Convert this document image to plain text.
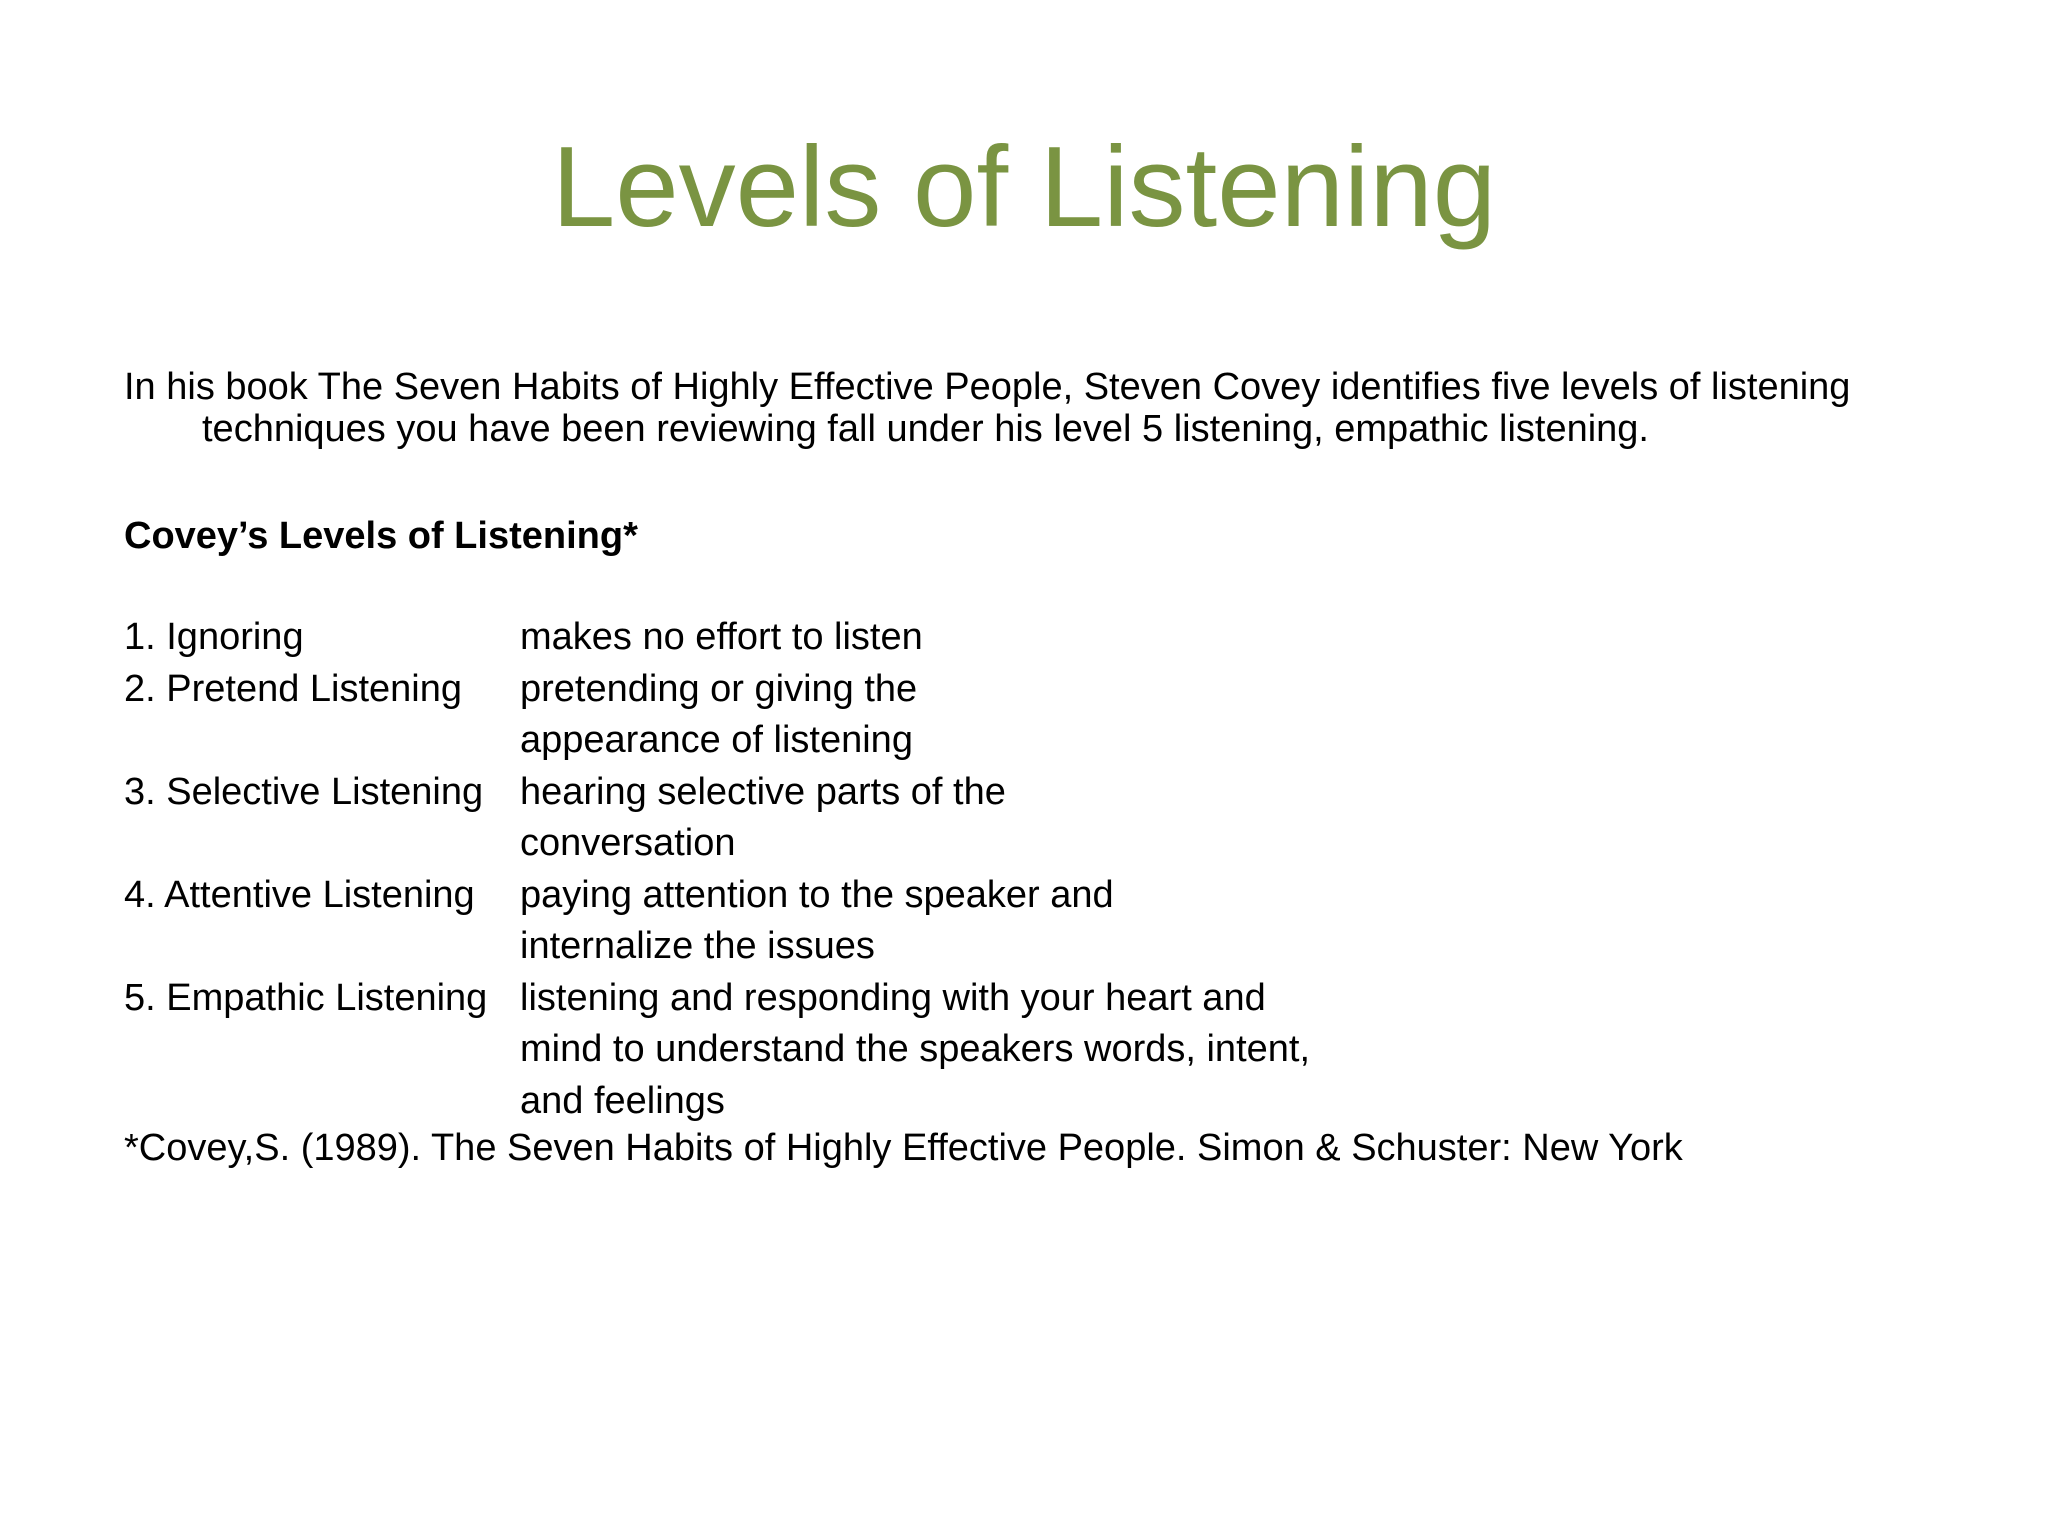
Levels of Listening

In his book The Seven Habits of Highly Effective People, Steven Covey identifies five levels of listening
techniques you have been reviewing fall under his level 5 listening, empathic listening.

Covey’s Levels of Listening*

1. Ignoring	makes no effort to listen
2. Pretend Listening	pretending or giving the
appearance of listening
3. Selective Listening hearing selective parts of the
conversation
4. Attentive Listening	paying attention to the speaker and
internalize the issues
5. Empathic Listening listening and responding with your heart and
mind to understand the speakers words, intent,
and feelings

*Covey,S. (1989). The Seven Habits of Highly Effective People. Simon & Schuster: New York
